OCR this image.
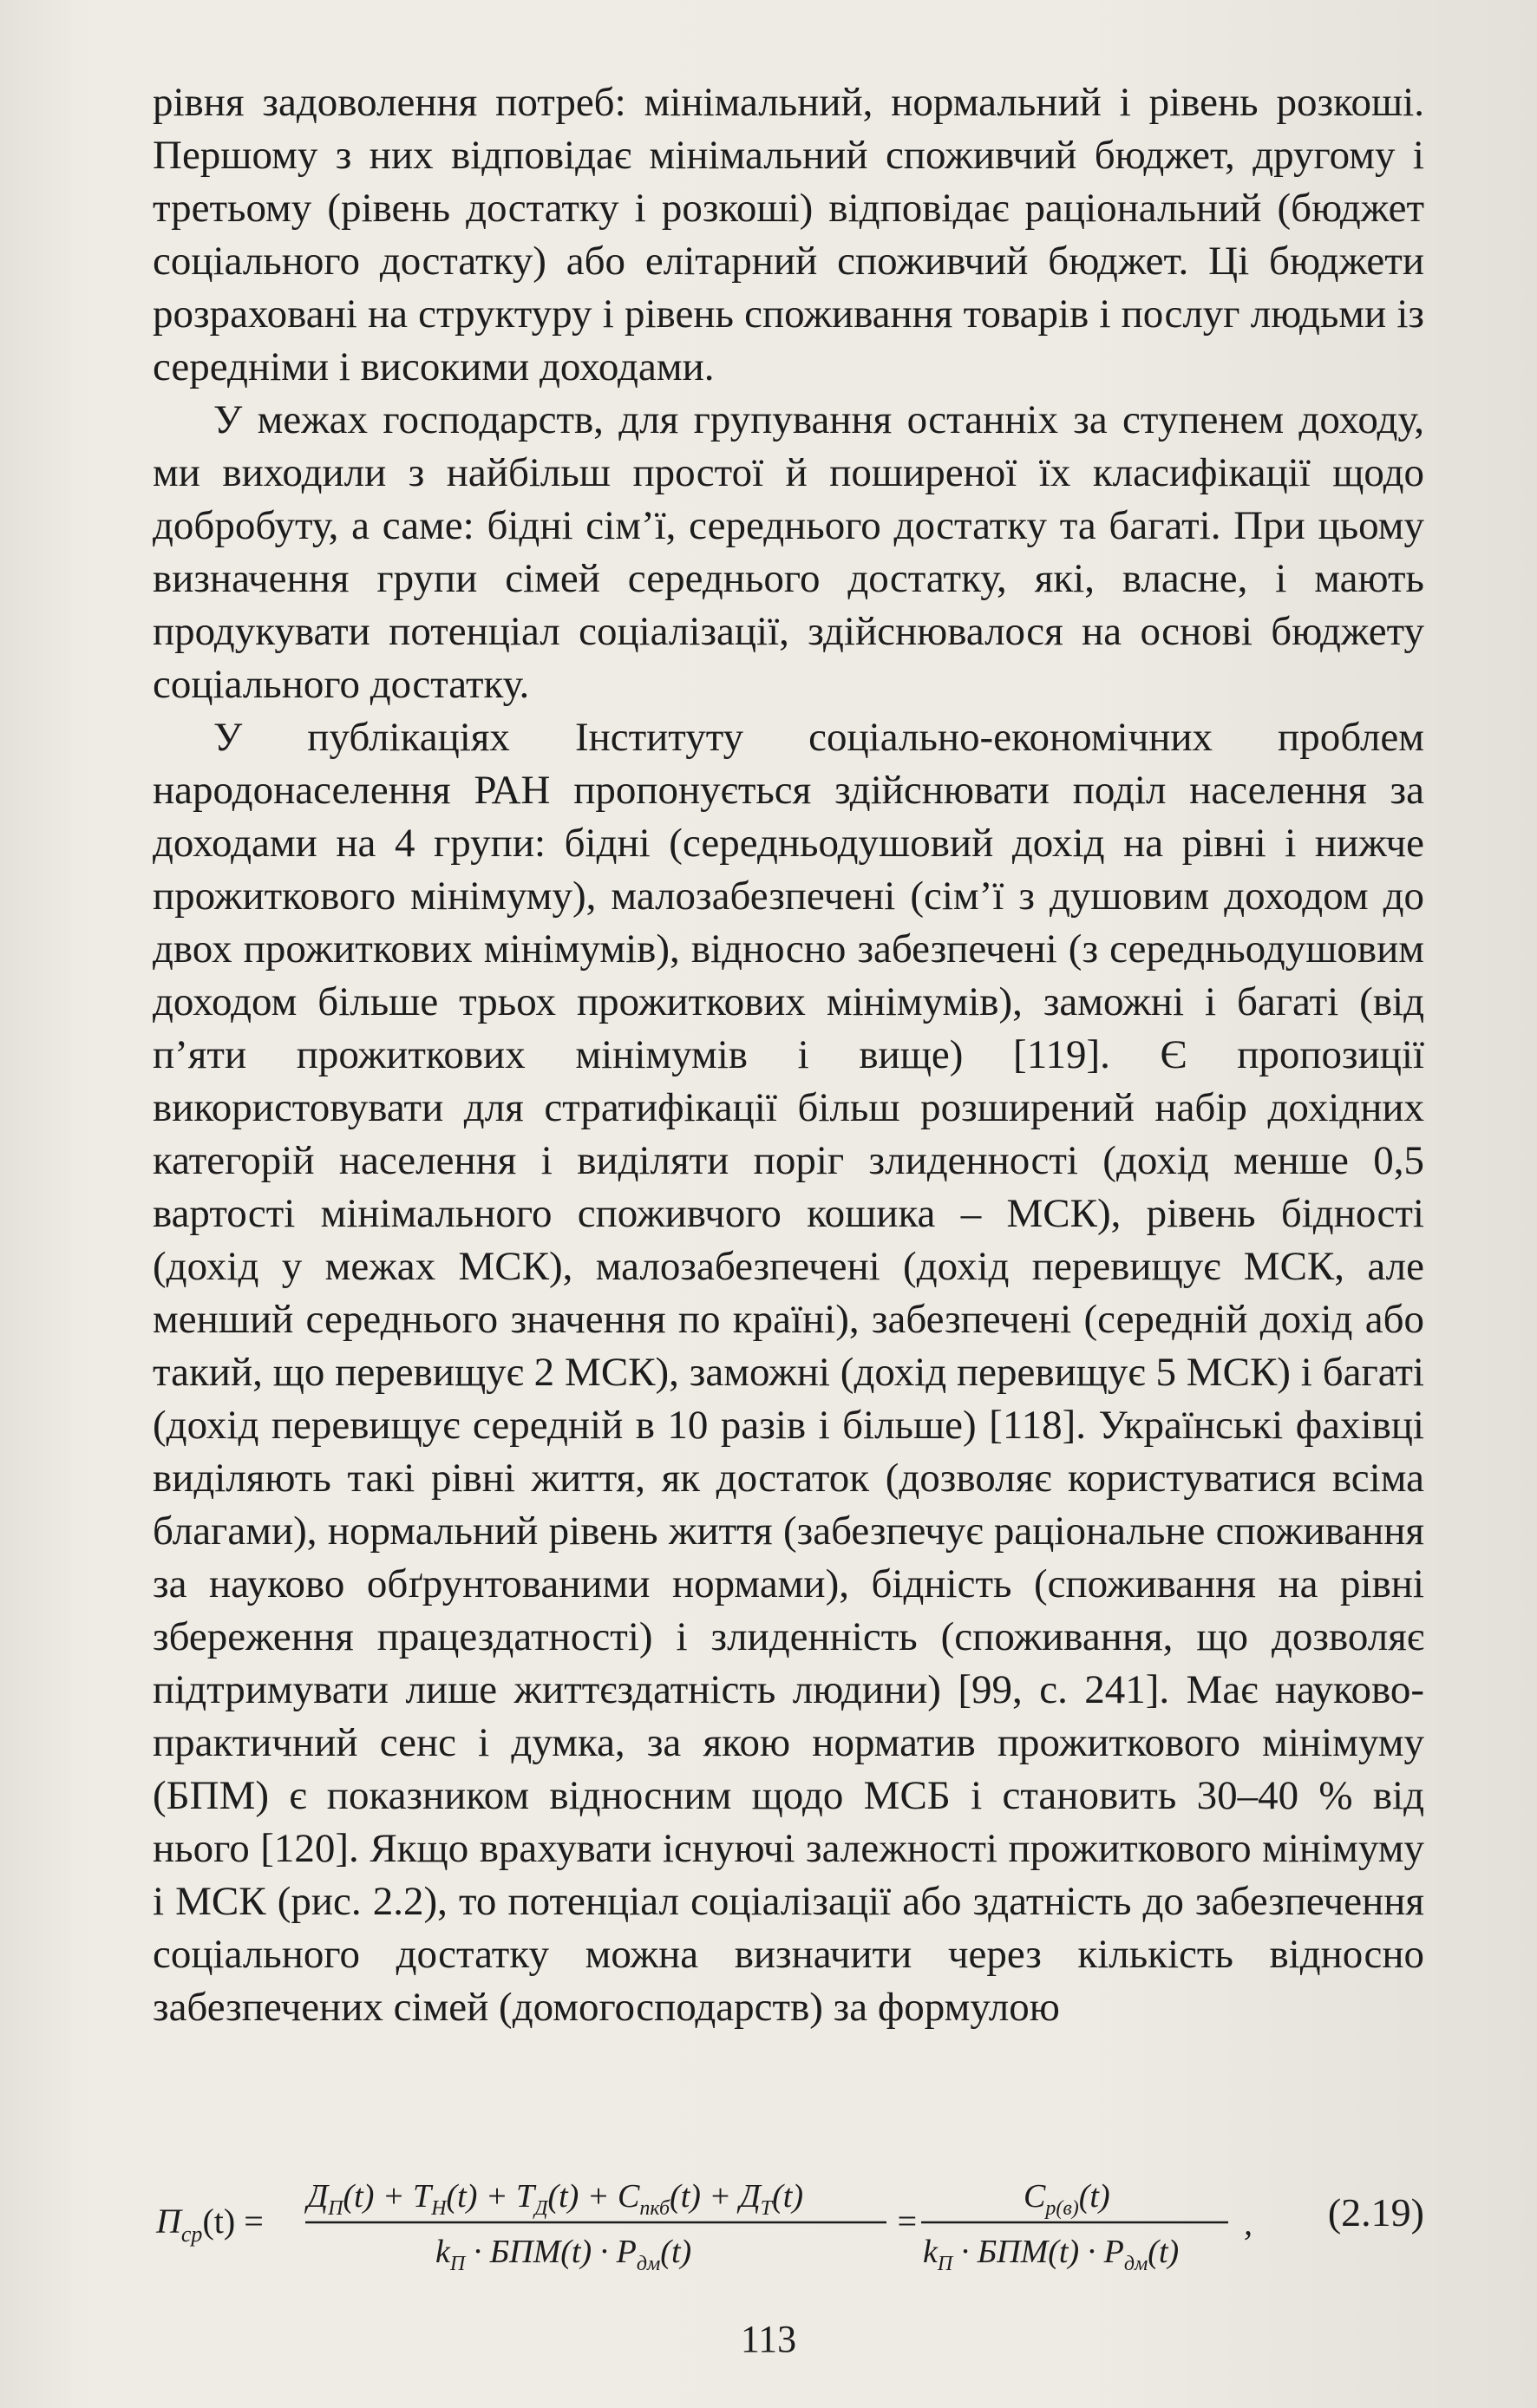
рівня задоволення потреб: мінімальний, нормальний і рівень розкоші. Першому з них відповідає мінімальний споживчий бюджет, другому і третьому (рівень достатку і розкоші) відповідає раціональний (бюджет соціального достатку) або елітарний споживчий бюджет. Ці бюджети розраховані на структуру і рівень споживання товарів і послуг людьми із середніми і високими доходами.

У межах господарств, для групування останніх за ступенем доходу, ми виходили з найбільш простої й поширеної їх класифікації щодо добробуту, а саме: бідні сім’ї, середнього достатку та багаті. При цьому визначення групи сімей середнього достатку, які, власне, і мають продукувати потенціал соціалізації, здійснювалося на основі бюджету соціального достатку.

У публікаціях Інституту соціально-економічних проблем народонаселення РАН пропонується здійснювати поділ населення за доходами на 4 групи: бідні (середньодушовий дохід на рівні і нижче прожиткового мінімуму), малозабезпечені (сім’ї з душовим доходом до двох прожиткових мінімумів), відносно забезпечені (з середньодушовим доходом більше трьох прожиткових мінімумів), заможні і багаті (від п’яти прожиткових мінімумів і вище) [119]. Є пропозиції використовувати для стратифікації більш розширений набір дохідних категорій населення і виділяти поріг злиденності (дохід менше 0,5 вартості мінімального споживчого кошика – МСК), рівень бідності (дохід у межах МСК), малозабезпечені (дохід перевищує МСК, але менший середнього значення по країні), забезпечені (середній дохід або такий, що перевищує 2 МСК), заможні (дохід перевищує 5 МСК) і багаті (дохід перевищує середній в 10 разів і більше) [118]. Українські фахівці виділяють такі рівні життя, як достаток (дозволяє користуватися всіма благами), нормальний рівень життя (забезпечує раціональне споживання за науково обґрунтованими нормами), бідність (споживання на рівні збереження працездатності) і злиденність (споживання, що дозволяє підтримувати лише життєздатність людини) [99, с. 241]. Має науково-практичний сенс і думка, за якою норматив прожиткового мінімуму (БПМ) є показником відносним щодо МСБ і становить 30–40 % від нього [120]. Якщо врахувати існуючі залежності прожиткового мінімуму і МСК (рис. 2.2), то потенціал соціалізації або здатність до забезпечення соціального достатку можна визначити через кількість відносно забезпечених сімей (домогосподарств) за формулою

$П_{ср}(t)$ =
$Д_П(t) + Т_Н(t) + Т_Д(t) + С_{пкб}(t) + Д_Т(t)$
$k_П \cdot БПМ(t) \cdot Р_{дм}(t)$
=
$С_{р(в)}(t)$
$k_П \cdot БПМ(t) \cdot Р_{дм}(t)$
, (2.19)
113
